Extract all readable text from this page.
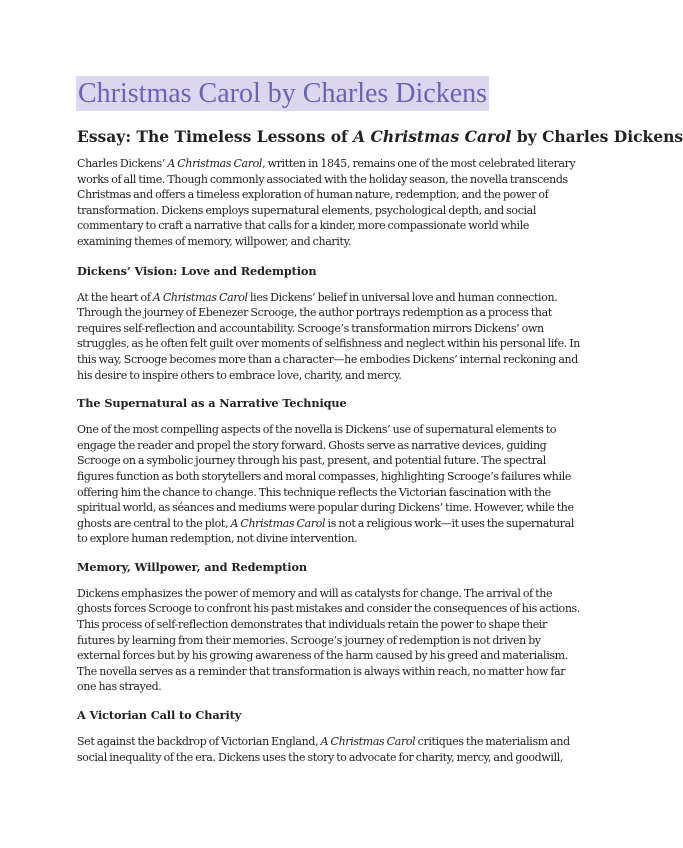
Christmas Carol by Charles Dickens
Essay: The Timeless Lessons of A Christmas Carol by Charles Dickens

Charles Dickens’ A Christmas Carol, written in 1845, remains one of the most celebrated literary works of all time. Though commonly associated with the holiday season, the novella transcends Christmas and offers a timeless exploration of human nature, redemption, and the power of transformation. Dickens employs supernatural elements, psychological depth, and social commentary to craft a narrative that calls for a kinder, more compassionate world while examining themes of memory, willpower, and charity.

Dickens’ Vision: Love and Redemption

At the heart of A Christmas Carol lies Dickens’ belief in universal love and human connection. Through the journey of Ebenezer Scrooge, the author portrays redemption as a process that requires self-reflection and accountability. Scrooge’s transformation mirrors Dickens’ own struggles, as he often felt guilt over moments of selfishness and neglect within his personal life. In this way, Scrooge becomes more than a character—he embodies Dickens’ internal reckoning and his desire to inspire others to embrace love, charity, and mercy.

The Supernatural as a Narrative Technique

One of the most compelling aspects of the novella is Dickens’ use of supernatural elements to engage the reader and propel the story forward. Ghosts serve as narrative devices, guiding Scrooge on a symbolic journey through his past, present, and potential future. The spectral figures function as both storytellers and moral compasses, highlighting Scrooge’s failures while offering him the chance to change. This technique reflects the Victorian fascination with the spiritual world, as séances and mediums were popular during Dickens’ time. However, while the ghosts are central to the plot, A Christmas Carol is not a religious work—it uses the supernatural to explore human redemption, not divine intervention.

Memory, Willpower, and Redemption

Dickens emphasizes the power of memory and will as catalysts for change. The arrival of the ghosts forces Scrooge to confront his past mistakes and consider the consequences of his actions. This process of self-reflection demonstrates that individuals retain the power to shape their futures by learning from their memories. Scrooge’s journey of redemption is not driven by external forces but by his growing awareness of the harm caused by his greed and materialism. The novella serves as a reminder that transformation is always within reach, no matter how far one has strayed.

A Victorian Call to Charity

Set against the backdrop of Victorian England, A Christmas Carol critiques the materialism and social inequality of the era. Dickens uses the story to advocate for charity, mercy, and goodwill,
